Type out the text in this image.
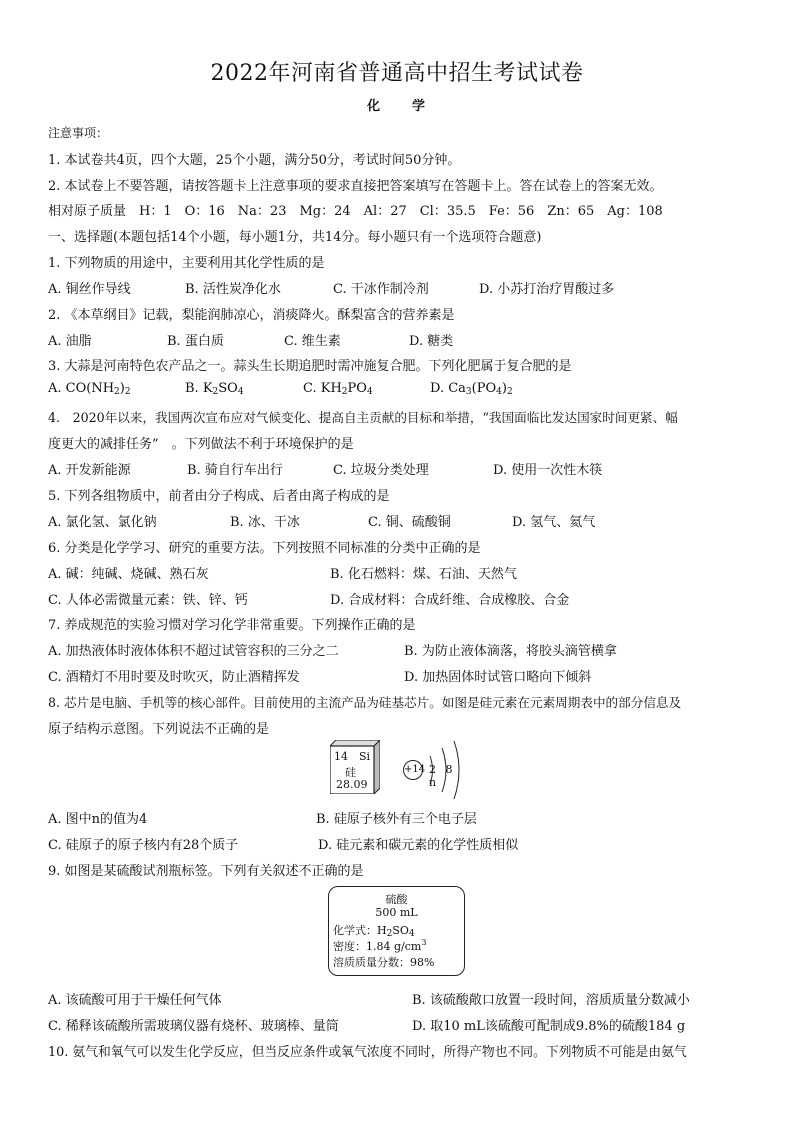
2022年河南省普通高中招生考试试卷
化　　学
注意事项：
1. 本试卷共4页，四个大题，25个小题，满分50分，考试时间50分钟。
2. 本试卷上不要答题，请按答题卡上注意事项的要求直接把答案填写在答题卡上。答在试卷上的答案无效。
相对原子质量　H：1　O：16　Na：23　Mg：24　Al：27　Cl：35.5　Fe：56　Zn：65　Ag：108
一、选择题(本题包括14个小题，每小题1分，共14分。每小题只有一个选项符合题意)
1. 下列物质的用途中，主要利用其化学性质的是
A. 铜丝作导线	B. 活性炭净化水	C. 干冰作制冷剂	D. 小苏打治疗胃酸过多
2. 《本草纲目》记载，梨能润肺凉心，消痰降火。酥梨富含的营养素是
A. 油脂	B. 蛋白质	C. 维生素	D. 糖类
3. 大蒜是河南特色农产品之一。蒜头生长期追肥时需冲施复合肥。下列化肥属于复合肥的是
A. $CO(NH_2)_2$	B. $K_2SO_4$	C. $KH_2PO_4$	D. $Ca_3(PO_4)_2$
4.　2020年以来，我国两次宣布应对气候变化、提高自主贡献的目标和举措，“我国面临比发达国家时间更紧、幅
度更大的减排任务”　。下列做法不利于环境保护的是
A. 开发新能源	B. 骑自行车出行	C. 垃圾分类处理	D. 使用一次性木筷
5. 下列各组物质中，前者由分子构成、后者由离子构成的是
A. 氯化氢、氯化钠	B. 冰、干冰	C. 铜、硫酸铜	D. 氢气、氦气
6. 分类是化学学习、研究的重要方法。下列按照不同标准的分类中正确的是
A. 碱：纯碱、烧碱、熟石灰	B. 化石燃料：煤、石油、天然气
C. 人体必需微量元素：铁、锌、钙	D. 合成材料：合成纤维、合成橡胶、合金
7. 养成规范的实验习惯对学习化学非常重要。下列操作正确的是
A. 加热液体时液体体积不超过试管容积的三分之二	B. 为防止液体滴落，将胶头滴管横拿
C. 酒精灯不用时要及时吹灭，防止酒精挥发	D. 加热固体时试管口略向下倾斜
8. 芯片是电脑、手机等的核心部件。目前使用的主流产品为硅基芯片。如图是硅元素在元素周期表中的部分信息及
原子结构示意图。下列说法不正确的是
14 Si
硅
28.09
+14 2 8 n
A. 图中n的值为4	B. 硅原子核外有三个电子层
C. 硅原子的原子核内有28个质子	D. 硅元素和碳元素的化学性质相似
9. 如图是某硫酸试剂瓶标签。下列有关叙述不正确的是
硫酸
500 mL
化学式：$H_2SO_4$
密度：1.84 $g/cm^3$
溶质质量分数：98%
A. 该硫酸可用于干燥任何气体	B. 该硫酸敞口放置一段时间，溶质质量分数减小
C. 稀释该硫酸所需玻璃仪器有烧杯、玻璃棒、量筒	D. 取10 mL该硫酸可配制成9.8%的硫酸184 g
10. 氨气和氧气可以发生化学反应，但当反应条件或氧气浓度不同时，所得产物也不同。下列物质不可能是由氨气
